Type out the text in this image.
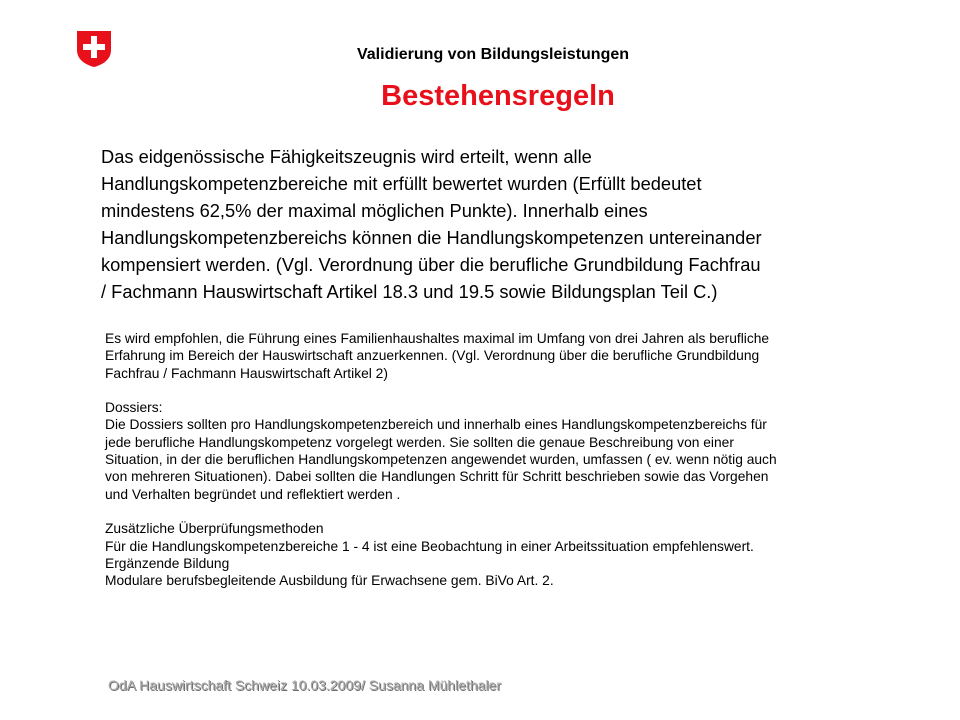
Validierung von Bildungsleistungen
Bestehensregeln
Das eidgenössische Fähigkeitszeugnis wird erteilt, wenn alle
Handlungskompetenzbereiche mit erfüllt bewertet wurden (Erfüllt bedeutet
mindestens 62,5% der maximal möglichen Punkte). Innerhalb eines
Handlungskompetenzbereichs können die Handlungskompetenzen untereinander
kompensiert werden. (Vgl. Verordnung über die berufliche Grundbildung Fachfrau
/ Fachmann Hauswirtschaft Artikel 18.3 und 19.5 sowie Bildungsplan Teil C.)
Es wird empfohlen, die Führung eines Familienhaushaltes maximal im Umfang von drei Jahren als berufliche
Erfahrung im Bereich der Hauswirtschaft anzuerkennen. (Vgl. Verordnung über die berufliche Grundbildung
Fachfrau / Fachmann Hauswirtschaft Artikel 2)
Dossiers:
Die Dossiers sollten pro Handlungskompetenzbereich und innerhalb eines Handlungskompetenzbereichs für
jede berufliche Handlungskompetenz vorgelegt werden. Sie sollten die genaue Beschreibung von einer
Situation, in der die beruflichen Handlungskompetenzen angewendet wurden, umfassen ( ev. wenn nötig auch
von mehreren Situationen). Dabei sollten die Handlungen Schritt für Schritt beschrieben sowie das Vorgehen
und Verhalten begründet und reflektiert werden .
Zusätzliche Überprüfungsmethoden
Für die Handlungskompetenzbereiche 1 - 4 ist eine Beobachtung in einer Arbeitssituation empfehlenswert.
Ergänzende Bildung
Modulare berufsbegleitende Ausbildung für Erwachsene gem. BiVo Art. 2.
OdA Hauswirtschaft Schweiz 10.03.2009/ Susanna Mühlethaler
